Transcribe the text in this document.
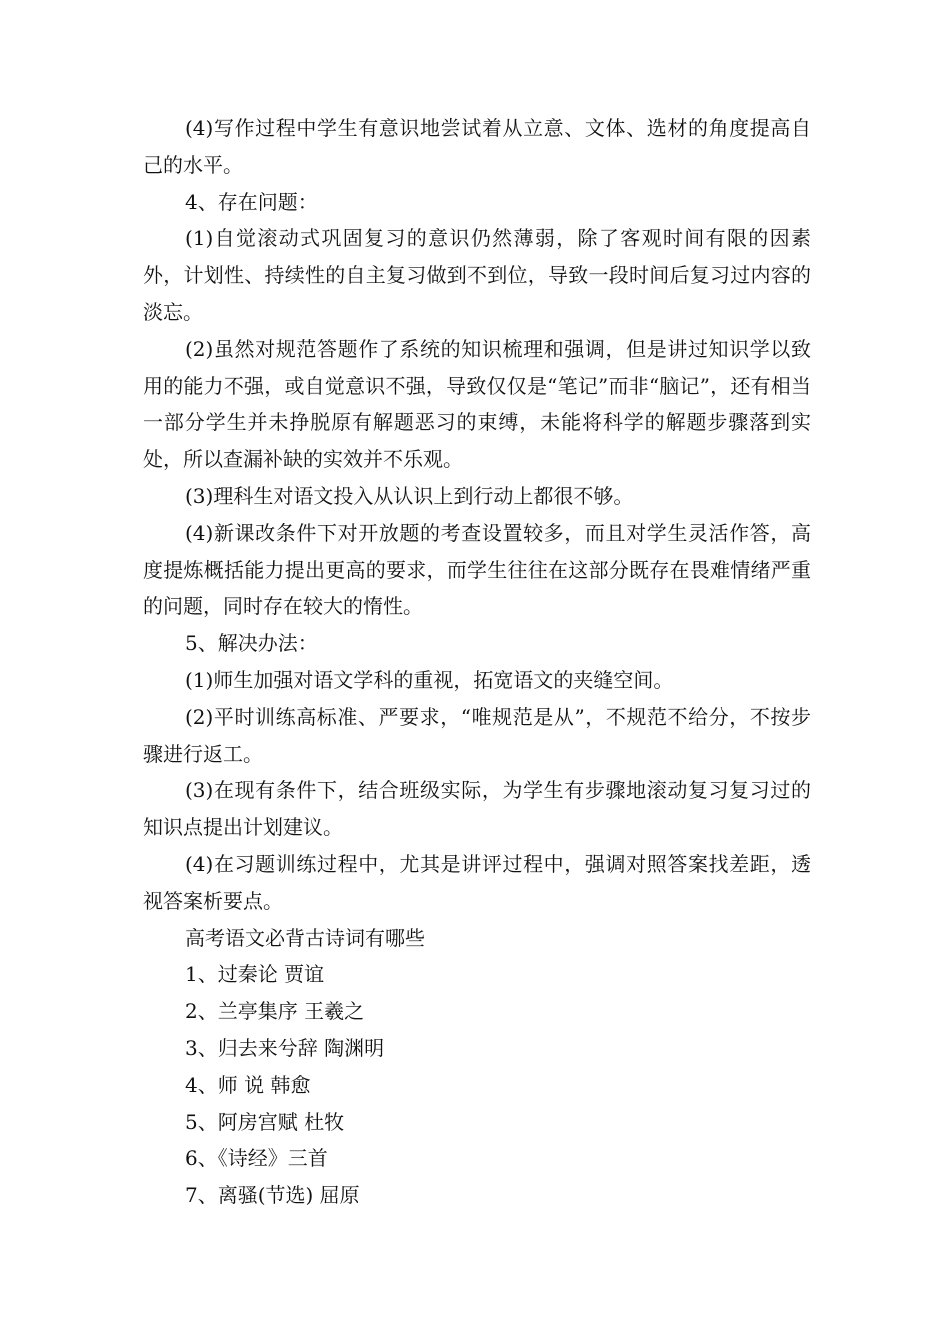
(4)写作过程中学生有意识地尝试着从立意、文体、选材的角度提高自己的水平。

4、存在问题：

(1)自觉滚动式巩固复习的意识仍然薄弱，除了客观时间有限的因素外，计划性、持续性的自主复习做到不到位，导致一段时间后复习过内容的淡忘。

(2)虽然对规范答题作了系统的知识梳理和强调，但是讲过知识学以致用的能力不强，或自觉意识不强，导致仅仅是“笔记”而非“脑记”，还有相当一部分学生并未挣脱原有解题恶习的束缚，未能将科学的解题步骤落到实处，所以查漏补缺的实效并不乐观。

(3)理科生对语文投入从认识上到行动上都很不够。

(4)新课改条件下对开放题的考查设置较多，而且对学生灵活作答，高度提炼概括能力提出更高的要求，而学生往往在这部分既存在畏难情绪严重的问题，同时存在较大的惰性。

5、解决办法：

(1)师生加强对语文学科的重视，拓宽语文的夹缝空间。

(2)平时训练高标准、严要求，“唯规范是从”，不规范不给分，不按步骤进行返工。

(3)在现有条件下，结合班级实际，为学生有步骤地滚动复习复习过的知识点提出计划建议。

(4)在习题训练过程中，尤其是讲评过程中，强调对照答案找差距，透视答案析要点。

高考语文必背古诗词有哪些

1、过秦论 贾谊

2、兰亭集序 王羲之

3、归去来兮辞 陶渊明

4、师 说 韩愈

5、阿房宫赋 杜牧

6、《诗经》三首

7、离骚(节选) 屈原
